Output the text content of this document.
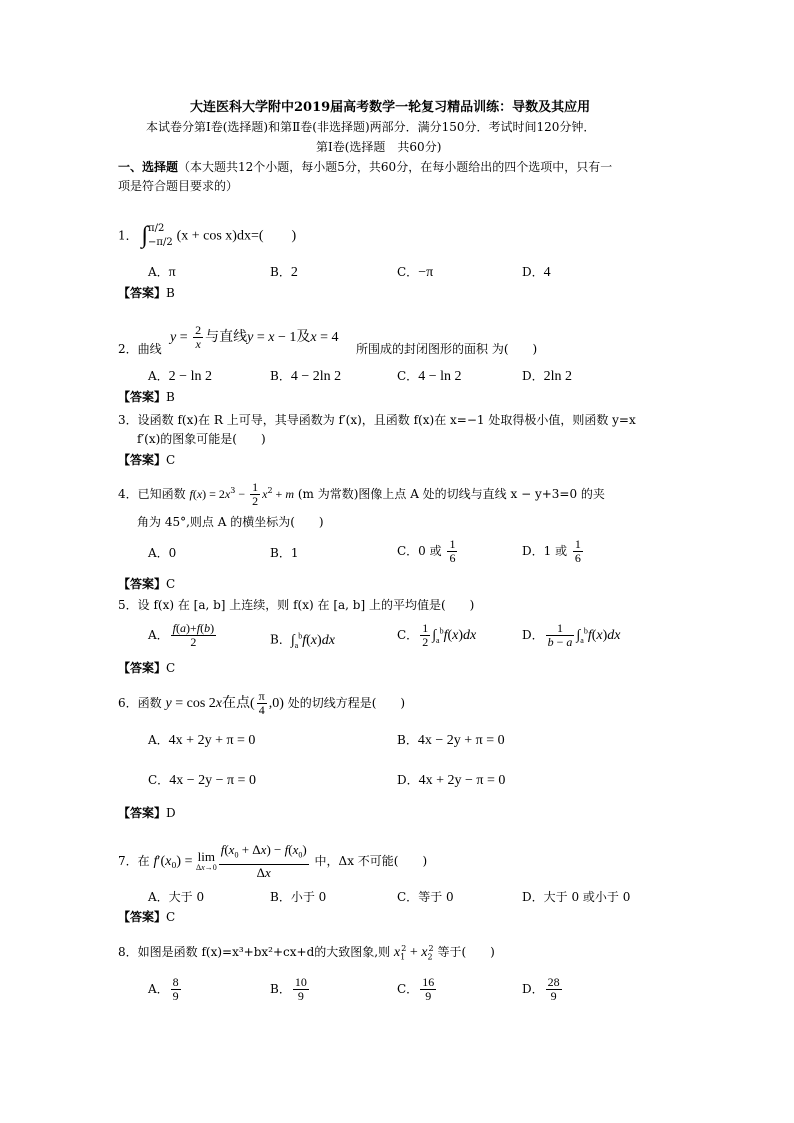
大连医科大学附中2019届高考数学一轮复习精品训练：导数及其应用
本试卷分第Ⅰ卷(选择题)和第Ⅱ卷(非选择题)两部分．满分150分．考试时间120分钟．
第Ⅰ卷(选择题　共60分)
一、选择题（本大题共12个小题，每小题5分，共60分，在每小题给出的四个选项中，只有一
项是符合题目要求的）
1． ∫ π/2
−π/2 (x + cos x)dx=(　　)
A．π	B．2	C．−π	D．4
【答案】B
$y = \frac{2}{x}$ 与直线y = x − 1及x = 4
2．曲线	所围成的封闭图形的面积 为(　　)
A．2 − ln 2	B．4 − 2ln 2	C．4 − ln 2	D．2ln 2
【答案】B
3．设函数 f(x)在 R 上可导，其导函数为 f′(x)，且函数 f(x)在 x=−1 处取得极小值，则函数 y=x
f′(x)的图象可能是(　　)
【答案】C
4．已知函数 $f(x) = 2x^3 - \frac{1}{2} x^2 + m$ (m 为常数)图像上点 A 处的切线与直线 x − y+3=0 的夹
角为 45°,则点 A 的横坐标为(　　)
A．0	B．1	C．0 或 $\frac{1}{6}$	D．1 或 $\frac{1}{6}$
【答案】C
5．设 f(x) 在 [a, b] 上连续，则 f(x) 在 [a, b] 上的平均值是(　　)
A． $\frac{f(a)+f(b)}{2}$	B．$\int_a^bf(x)dx$	C． $\frac{1}{2} \int_a^bf(x)dx$	D． $\frac{1}{b - a} \int_a^bf(x)dx$
【答案】C
6．函数 y = cos 2x在点( $\frac{\pi}{4} ,0$) 处的切线方程是(　　)
A．4x + 2y + π = 0	B．4x − 2y + π = 0
C．4x − 2y − π = 0	D．4x + 2y − π = 0
【答案】D
7．在 $f'(x_0) = \lim$
$\Delta x\to 0 \frac{f(x_0 + \Delta x) - f(x_0)}{\Delta x}$ 中，Δx 不可能(　　)
A．大于 0	B．小于 0	C．等于 0	D．大于 0 或小于 0
【答案】C
8．如图是函数 f(x)=x³+bx²+cx+d的大致图象,则 $x_1^2 + x_2^2$ 等于(　　)
A． $\frac{8}{9}$	B． $\frac{10}{9}$	C． $\frac{16}{9}$	D． $\frac{28}{9}$
